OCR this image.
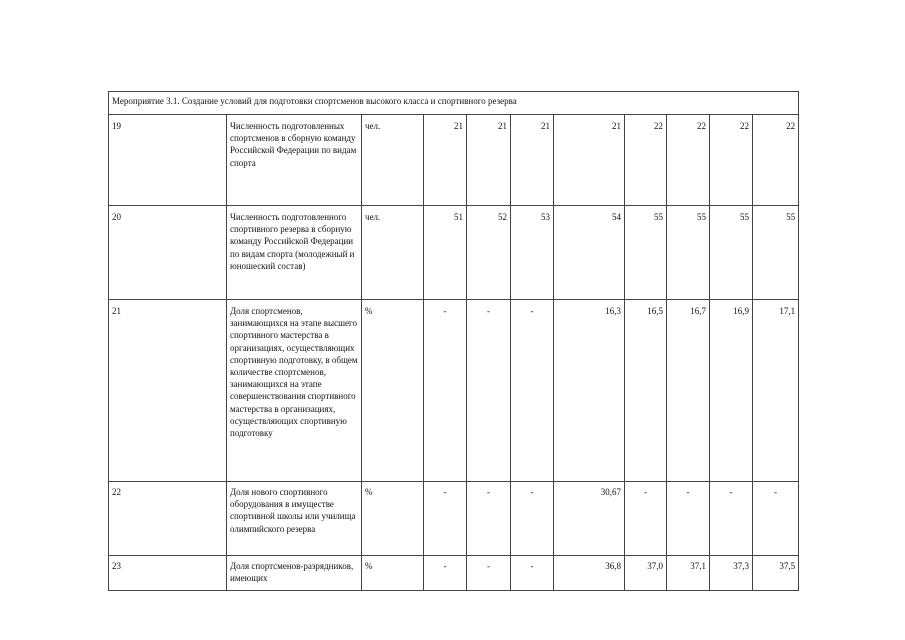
Мероприятие 3.1. Создание условий для подготовки спортсменов высокого класса и спортивного резерва										
19	Численность подготовленных спортсменов в сборную команду Российской Федерации по видам спорта	чел.	21	21	21	21	22	22	22	22
20	Численность подготовленного спортивного резерва в сборную команду Российской Федерации по видам спорта (молодежный и юношеский состав)	чел.	51	52	53	54	55	55	55	55
21	Доля спортсменов, занимающихся на этапе высшего спортивного мастерства в организациях, осуществляющих спортивную подготовку, в общем количестве спортсменов, занимающихся на этапе совершенствования спортивного мастерства в организациях, осуществляющих спортивную подготовку	%	-	-	-	16,3	16,5	16,7	16,9	17,1
22	Доля нового спортивного оборудования в имуществе спортивной школы или училища олимпийского резерва	%	-	-	-	30,67	-	-	-	-
23	Доля спортсменов-разрядников, имеющих	%	-	-	-	36,8	37,0	37,1	37,3	37,5
